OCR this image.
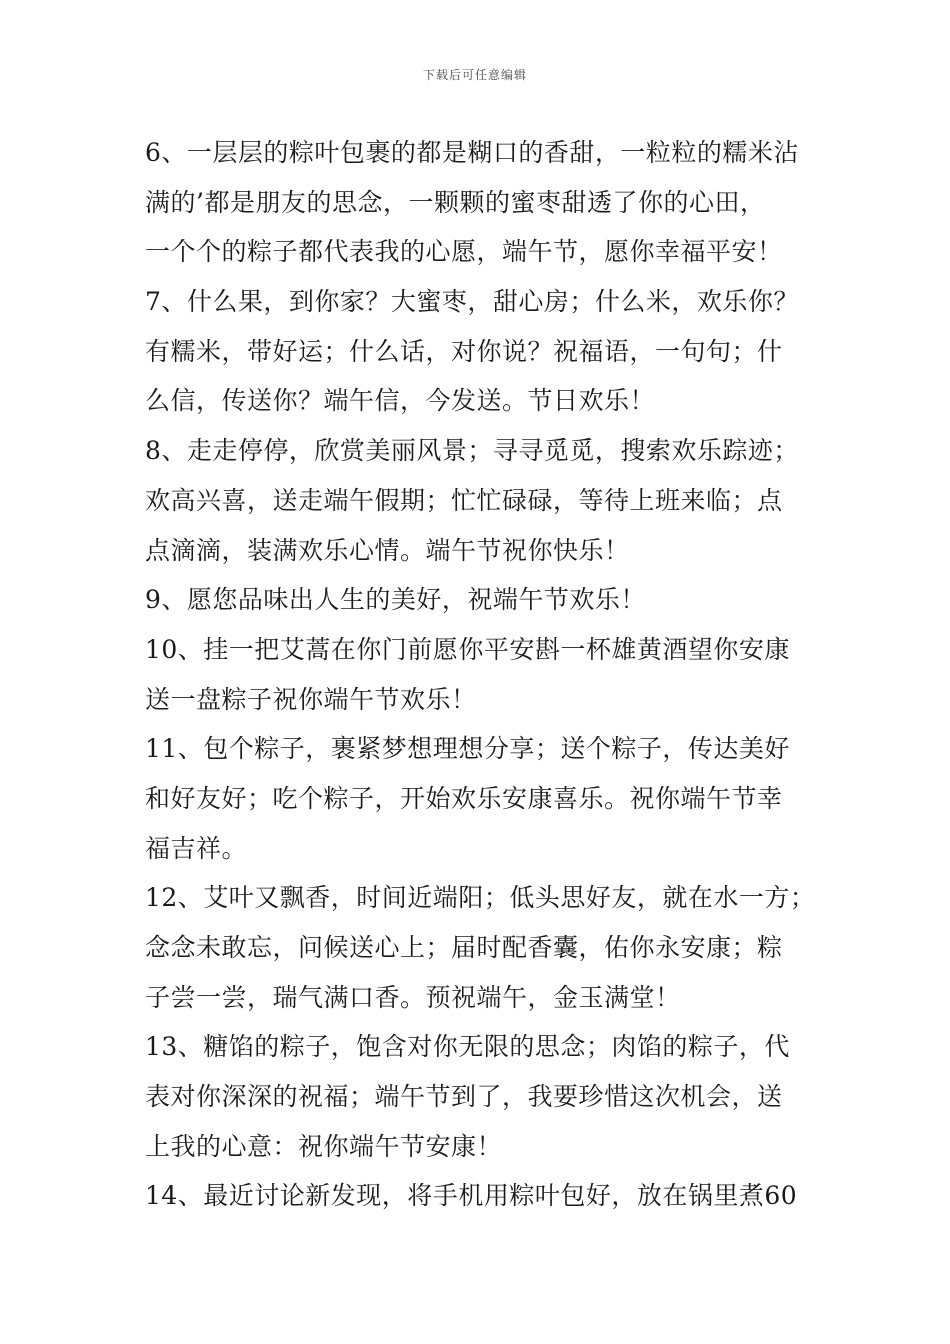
下载后可任意编辑
6、一层层的粽叶包裹的都是糊口的香甜，一粒粒的糯米沾
满的’都是朋友的思念，一颗颗的蜜枣甜透了你的心田，
一个个的粽子都代表我的心愿，端午节，愿你幸福平安！
7、什么果，到你家？大蜜枣，甜心房；什么米，欢乐你？
有糯米，带好运；什么话，对你说？祝福语，一句句；什
么信，传送你？端午信，今发送。节日欢乐！
8、走走停停，欣赏美丽风景；寻寻觅觅，搜索欢乐踪迹；
欢高兴喜，送走端午假期；忙忙碌碌，等待上班来临；点
点滴滴，装满欢乐心情。端午节祝你快乐！
9、愿您品味出人生的美好，祝端午节欢乐！
10、挂一把艾蒿在你门前愿你平安斟一杯雄黄酒望你安康
送一盘粽子祝你端午节欢乐！
11、包个粽子，裹紧梦想理想分享；送个粽子，传达美好
和好友好；吃个粽子，开始欢乐安康喜乐。祝你端午节幸
福吉祥。
12、艾叶又飘香，时间近端阳；低头思好友，就在水一方；
念念未敢忘，问候送心上；届时配香囊，佑你永安康；粽
子尝一尝，瑞气满口香。预祝端午，金玉满堂！
13、糖馅的粽子，饱含对你无限的思念；肉馅的粽子，代
表对你深深的祝福；端午节到了，我要珍惜这次机会，送
上我的心意：祝你端午节安康！
14、最近讨论新发现，将手机用粽叶包好，放在锅里煮60
